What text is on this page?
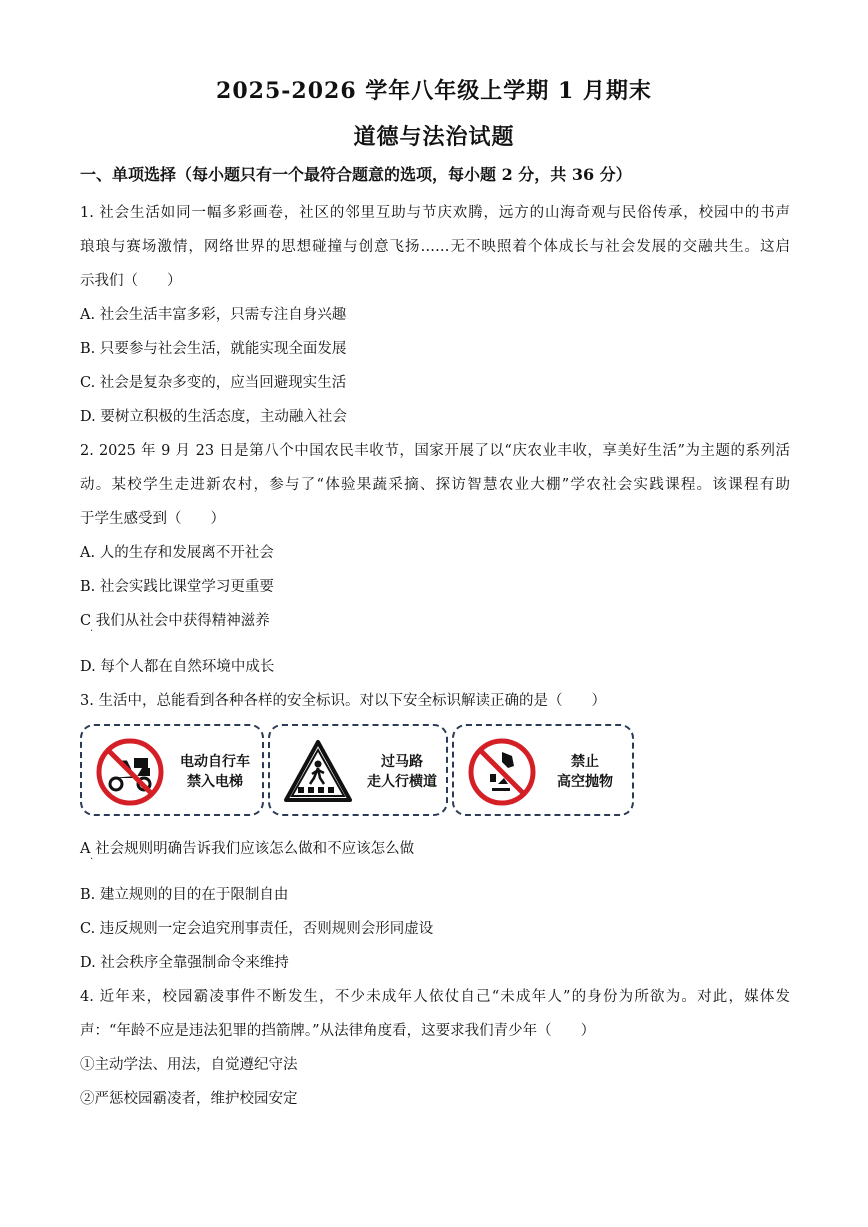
2025-2026 学年八年级上学期 1 月期末
道德与法治试题
一、单项选择（每小题只有一个最符合题意的选项，每小题 2 分，共 36 分）
1. 社会生活如同一幅多彩画卷，社区的邻里互助与节庆欢腾，远方的山海奇观与民俗传承，校园中的书声
琅琅与赛场激情，网络世界的思想碰撞与创意飞扬……无不映照着个体成长与社会发展的交融共生。这启
示我们（　　）
A. 社会生活丰富多彩，只需专注自身兴趣
B. 只要参与社会生活，就能实现全面发展
C. 社会是复杂多变的，应当回避现实生活
D. 要树立积极的生活态度，主动融入社会
2. 2025 年 9 月 23 日是第八个中国农民丰收节，国家开展了以“庆农业丰收，享美好生活”为主题的系列活
动。某校学生走进新农村，参与了“体验果蔬采摘、探访智慧农业大棚”学农社会实践课程。该课程有助
于学生感受到（　　）
A. 人的生存和发展离不开社会
B. 社会实践比课堂学习更重要
C 我们从社会中获得精神滋养
·
D. 每个人都在自然环境中成长
3. 生活中，总能看到各种各样的安全标识。对以下安全标识解读正确的是（　　）
电动自行车
禁入电梯
过马路
走人行横道
禁止
高空抛物
A 社会规则明确告诉我们应该怎么做和不应该怎么做
·
B. 建立规则的目的在于限制自由
C. 违反规则一定会追究刑事责任，否则规则会形同虚设
D. 社会秩序全靠强制命令来维持
4. 近年来，校园霸凌事件不断发生，不少未成年人依仗自己“未成年人”的身份为所欲为。对此，媒体发
声：“年龄不应是违法犯罪的挡箭牌。”从法律角度看，这要求我们青少年（　　）
①主动学法、用法，自觉遵纪守法
②严惩校园霸凌者，维护校园安定
